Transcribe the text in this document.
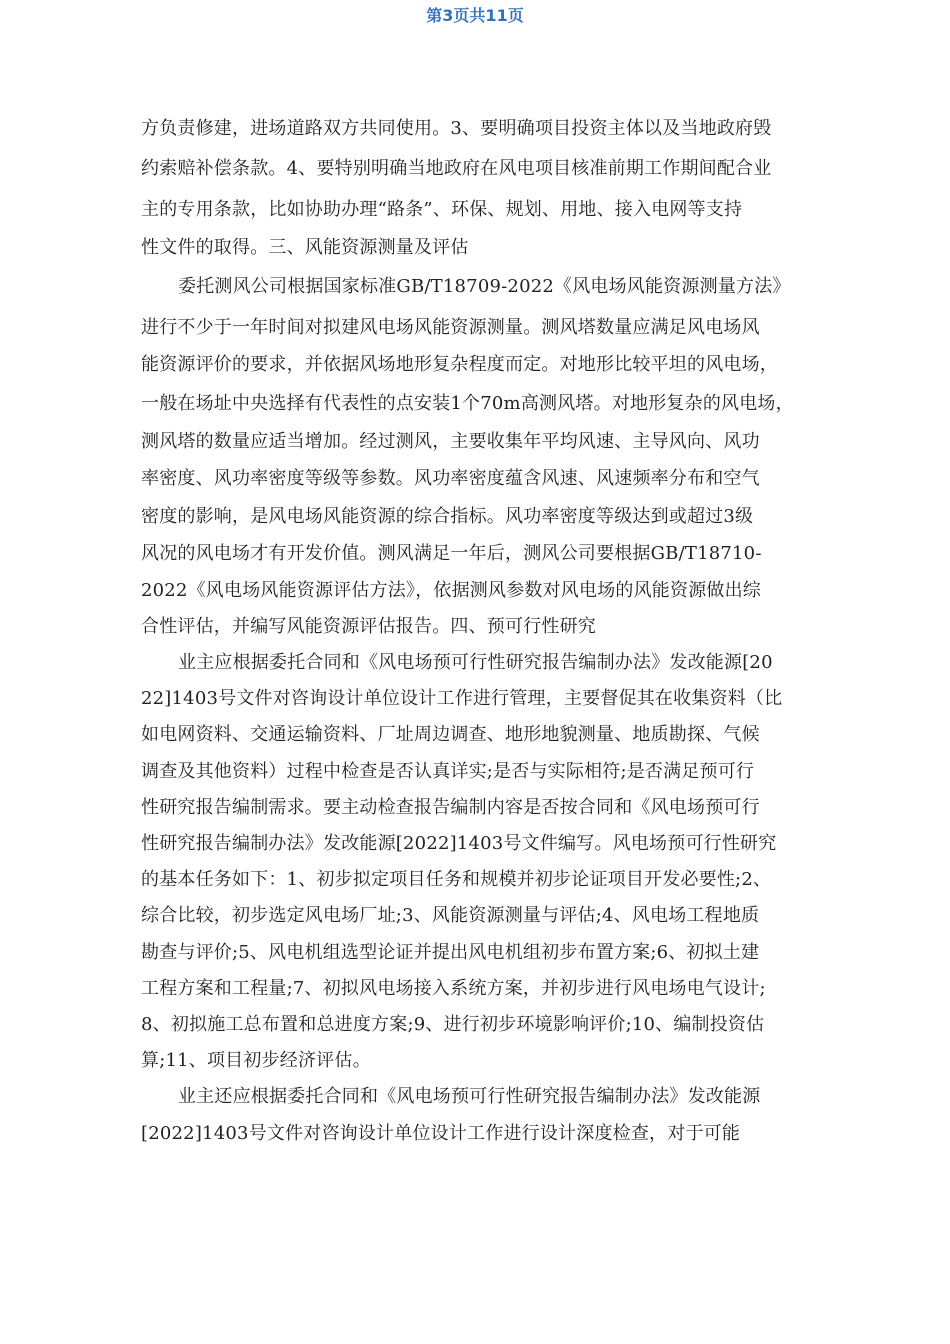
第3页共11页
方负责修建，进场道路双方共同使用。3、要明确项目投资主体以及当地政府毁
约索赔补偿条款。4、要特别明确当地政府在风电项目核准前期工作期间配合业
主的专用条款，比如协助办理“路条”、环保、规划、用地、接入电网等支持
性文件的取得。三、风能资源测量及评估
委托测风公司根据国家标准GB/T18709-2022《风电场风能资源测量方法》
进行不少于一年时间对拟建风电场风能资源测量。测风塔数量应满足风电场风
能资源评价的要求，并依据风场地形复杂程度而定。对地形比较平坦的风电场，
一般在场址中央选择有代表性的点安装1个70m高测风塔。对地形复杂的风电场，
测风塔的数量应适当增加。经过测风，主要收集年平均风速、主导风向、风功
率密度、风功率密度等级等参数。风功率密度蕴含风速、风速频率分布和空气
密度的影响，是风电场风能资源的综合指标。风功率密度等级达到或超过3级
风况的风电场才有开发价值。测风满足一年后，测风公司要根据GB/T18710-
2022《风电场风能资源评估方法》，依据测风参数对风电场的风能资源做出综
合性评估，并编写风能资源评估报告。四、预可行性研究
业主应根据委托合同和《风电场预可行性研究报告编制办法》发改能源[20
22]1403号文件对咨询设计单位设计工作进行管理，主要督促其在收集资料（比
如电网资料、交通运输资料、厂址周边调查、地形地貌测量、地质勘探、气候
调查及其他资料）过程中检查是否认真详实;是否与实际相符;是否满足预可行
性研究报告编制需求。要主动检查报告编制内容是否按合同和《风电场预可行
性研究报告编制办法》发改能源[2022]1403号文件编写。风电场预可行性研究
的基本任务如下：1、初步拟定项目任务和规模并初步论证项目开发必要性;2、
综合比较，初步选定风电场厂址;3、风能资源测量与评估;4、风电场工程地质
勘查与评价;5、风电机组选型论证并提出风电机组初步布置方案;6、初拟土建
工程方案和工程量;7、初拟风电场接入系统方案，并初步进行风电场电气设计;
8、初拟施工总布置和总进度方案;9、进行初步环境影响评价;10、编制投资估
算;11、项目初步经济评估。
业主还应根据委托合同和《风电场预可行性研究报告编制办法》发改能源
[2022]1403号文件对咨询设计单位设计工作进行设计深度检查，对于可能
